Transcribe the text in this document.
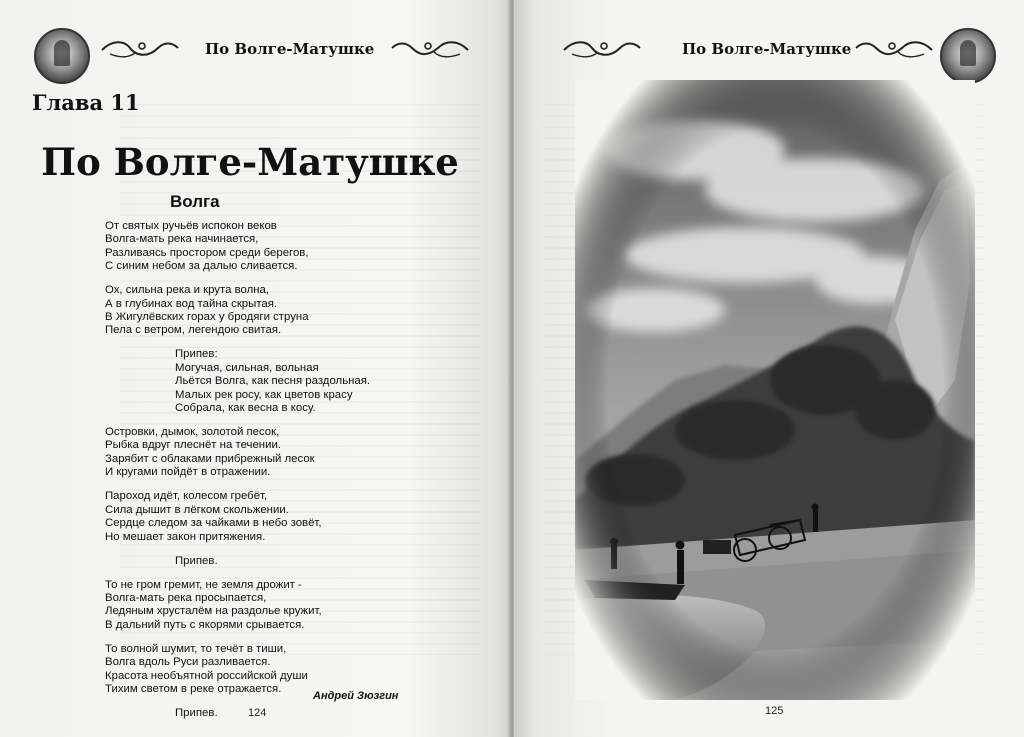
По Волге-Матушке
Глава 11
По Волге-Матушке
Волга
От святых ручьёв испокон веков
Волга-мать река начинается,
Разливаясь простором среди берегов,
С синим небом за далью сливается.
Ох, сильна река и крута волна,
А в глубинах вод тайна скрытая.
В Жигулёвских горах у бродяги струна
Пела с ветром, легендою свитая.
Припев:
Могучая, сильная, вольная
Льётся Волга, как песня раздольная.
Малых рек росу, как цветов красу
Собрала, как весна в косу.
Островки, дымок, золотой песок,
Рыбка вдруг плеснёт на течении.
Зарябит с облаками прибрежный лесок
И кругами пойдёт в отражении.
Пароход идёт, колесом гребёт,
Сила дышит в лёгком скольжении.
Сердце следом за чайками в небо зовёт,
Но мешает закон притяжения.
Припев.
То не гром гремит, не земля дрожит -
Волга-мать река просыпается,
Ледяным хрусталём на раздолье кружит,
В дальний путь с якорями срывается.
То волной шумит, то течёт в тиши,
Волга вдоль Руси разливается.
Красота необъятной российской души
Тихим светом в реке отражается.
Припев.
Андрей Зюзгин
124
По Волге-Матушке
125
